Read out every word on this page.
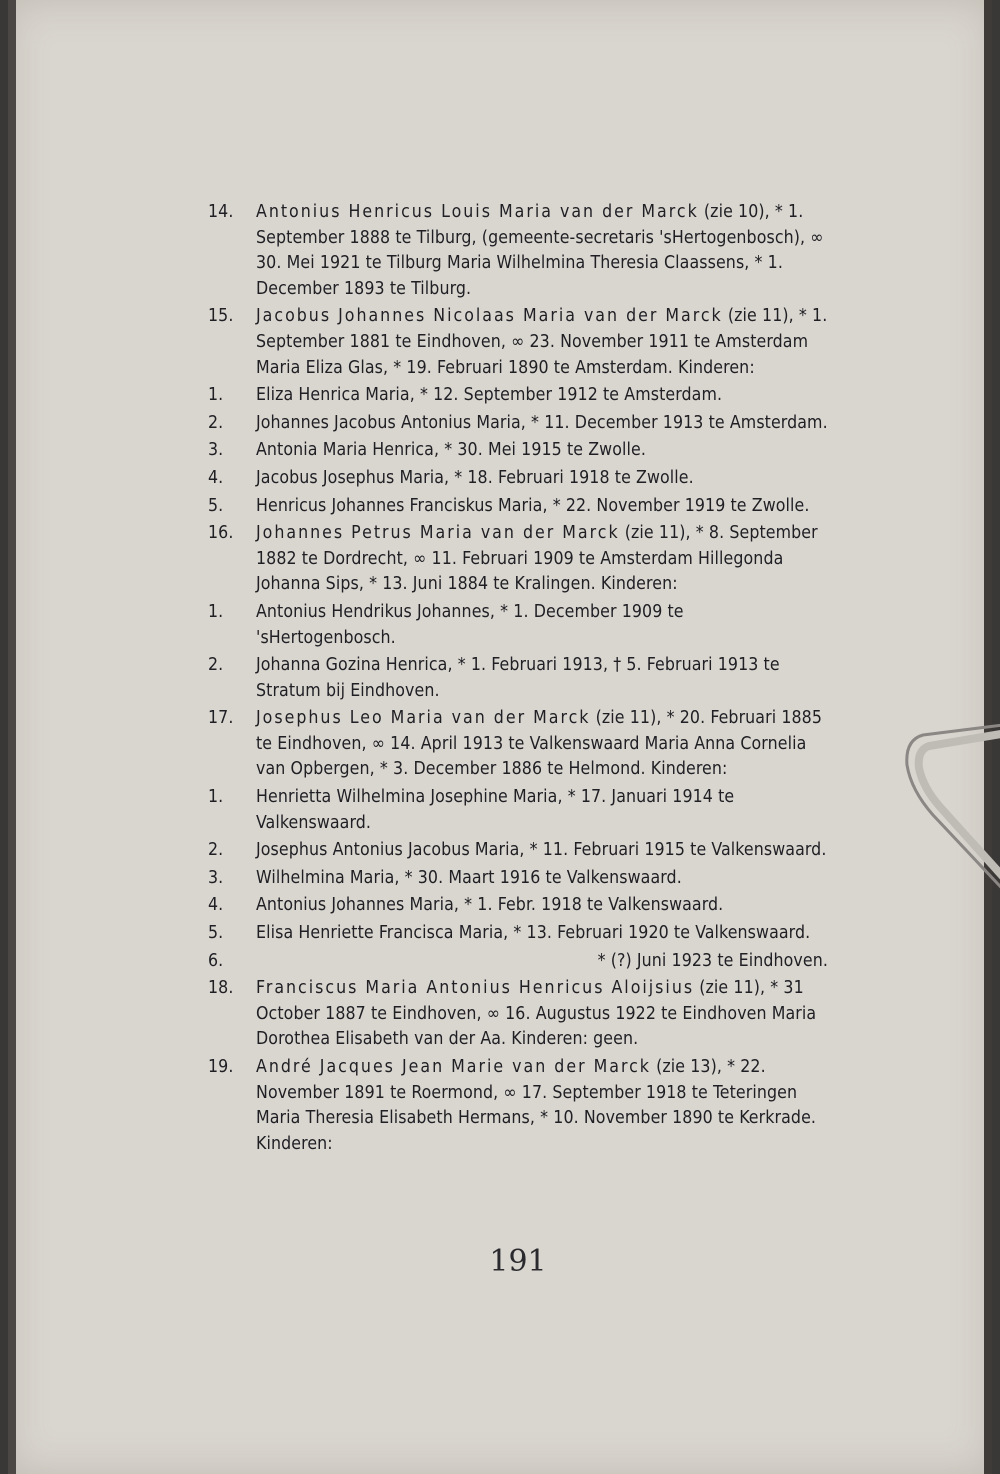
14. Antonius Henricus Louis Maria van der Marck (zie 10), * 1. September 1888 te Tilburg, (gemeente-secretaris 'sHertogenbosch), ∞ 30. Mei 1921 te Tilburg Maria Wilhelmina Theresia Claassens, * 1. December 1893 te Tilburg.
15. Jacobus Johannes Nicolaas Maria van der Marck (zie 11), * 1. September 1881 te Eindhoven, ∞ 23. November 1911 te Amsterdam Maria Eliza Glas, * 19. Februari 1890 te Amsterdam. Kinderen:
1. Eliza Henrica Maria, * 12. September 1912 te Amsterdam.
2. Johannes Jacobus Antonius Maria, * 11. December 1913 te Amsterdam.
3. Antonia Maria Henrica, * 30. Mei 1915 te Zwolle.
4. Jacobus Josephus Maria, * 18. Februari 1918 te Zwolle.
5. Henricus Johannes Franciskus Maria, * 22. November 1919 te Zwolle.
16. Johannes Petrus Maria van der Marck (zie 11), * 8. September 1882 te Dordrecht, ∞ 11. Februari 1909 te Amsterdam Hillegonda Johanna Sips, * 13. Juni 1884 te Kralingen. Kinderen:
1. Antonius Hendrikus Johannes, * 1. December 1909 te 'sHertogenbosch.
2. Johanna Gozina Henrica, * 1. Februari 1913, † 5. Februari 1913 te Stratum bij Eindhoven.
17. Josephus Leo Maria van der Marck (zie 11), * 20. Februari 1885 te Eindhoven, ∞ 14. April 1913 te Valkenswaard Maria Anna Cornelia van Opbergen, * 3. December 1886 te Helmond. Kinderen:
1. Henrietta Wilhelmina Josephine Maria, * 17. Januari 1914 te Valkenswaard.
2. Josephus Antonius Jacobus Maria, * 11. Februari 1915 te Valkenswaard.
3. Wilhelmina Maria, * 30. Maart 1916 te Valkenswaard.
4. Antonius Johannes Maria, * 1. Febr. 1918 te Valkenswaard.
5. Elisa Henriette Francisca Maria, * 13. Februari 1920 te Valkenswaard.
6.	* (?) Juni 1923 te Eindhoven.
18. Franciscus Maria Antonius Henricus Aloijsius (zie 11), * 31 October 1887 te Eindhoven, ∞ 16. Augustus 1922 te Eindhoven Maria Dorothea Elisabeth van der Aa. Kinderen: geen.
19. André Jacques Jean Marie van der Marck (zie 13), * 22. November 1891 te Roermond, ∞ 17. September 1918 te Teteringen Maria Theresia Elisabeth Hermans, * 10. November 1890 te Kerkrade. Kinderen:
191
